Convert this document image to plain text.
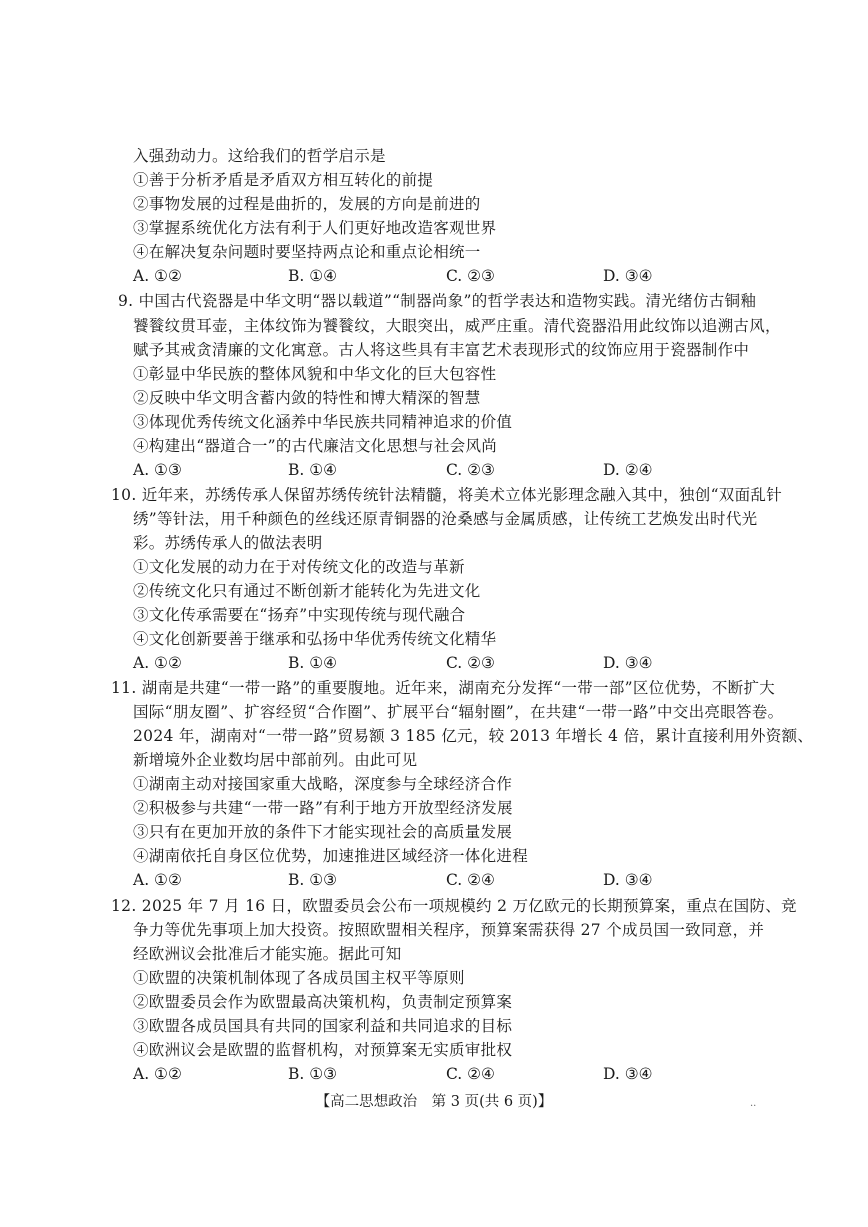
入强劲动力。这给我们的哲学启示是
①善于分析矛盾是矛盾双方相互转化的前提
②事物发展的过程是曲折的，发展的方向是前进的
③掌握系统优化方法有利于人们更好地改造客观世界
④在解决复杂问题时要坚持两点论和重点论相统一
A. ①②	B. ①④	C. ②③	D. ③④
9. 中国古代瓷器是中华文明“器以载道”“制器尚象”的哲学表达和造物实践。清光绪仿古铜釉
饕餮纹贯耳壶，主体纹饰为饕餮纹，大眼突出，威严庄重。清代瓷器沿用此纹饰以追溯古风，
赋予其戒贪清廉的文化寓意。古人将这些具有丰富艺术表现形式的纹饰应用于瓷器制作中
①彰显中华民族的整体风貌和中华文化的巨大包容性
②反映中华文明含蓄内敛的特性和博大精深的智慧
③体现优秀传统文化涵养中华民族共同精神追求的价值
④构建出“器道合一”的古代廉洁文化思想与社会风尚
A. ①③	B. ①④	C. ②③	D. ②④
10. 近年来，苏绣传承人保留苏绣传统针法精髓，将美术立体光影理念融入其中，独创“双面乱针
绣”等针法，用千种颜色的丝线还原青铜器的沧桑感与金属质感，让传统工艺焕发出时代光
彩。苏绣传承人的做法表明
①文化发展的动力在于对传统文化的改造与革新
②传统文化只有通过不断创新才能转化为先进文化
③文化传承需要在“扬弃”中实现传统与现代融合
④文化创新要善于继承和弘扬中华优秀传统文化精华
A. ①②	B. ①④	C. ②③	D. ③④
11. 湖南是共建“一带一路”的重要腹地。近年来，湖南充分发挥“一带一部”区位优势，不断扩大
国际“朋友圈”、扩容经贸“合作圈”、扩展平台“辐射圈”，在共建“一带一路”中交出亮眼答卷。
2024 年，湖南对“一带一路”贸易额 3 185 亿元，较 2013 年增长 4 倍，累计直接利用外资额、
新增境外企业数均居中部前列。由此可见
①湖南主动对接国家重大战略，深度参与全球经济合作
②积极参与共建“一带一路”有利于地方开放型经济发展
③只有在更加开放的条件下才能实现社会的高质量发展
④湖南依托自身区位优势，加速推进区域经济一体化进程
A. ①②	B. ①③	C. ②④	D. ③④
12. 2025 年 7 月 16 日，欧盟委员会公布一项规模约 2 万亿欧元的长期预算案，重点在国防、竞
争力等优先事项上加大投资。按照欧盟相关程序，预算案需获得 27 个成员国一致同意，并
经欧洲议会批准后才能实施。据此可知
①欧盟的决策机制体现了各成员国主权平等原则
②欧盟委员会作为欧盟最高决策机构，负责制定预算案
③欧盟各成员国具有共同的国家利益和共同追求的目标
④欧洲议会是欧盟的监督机构，对预算案无实质审批权
A. ①②	B. ①③	C. ②④	D. ③④
【高二思想政治　第 3 页(共 6 页)】	..
